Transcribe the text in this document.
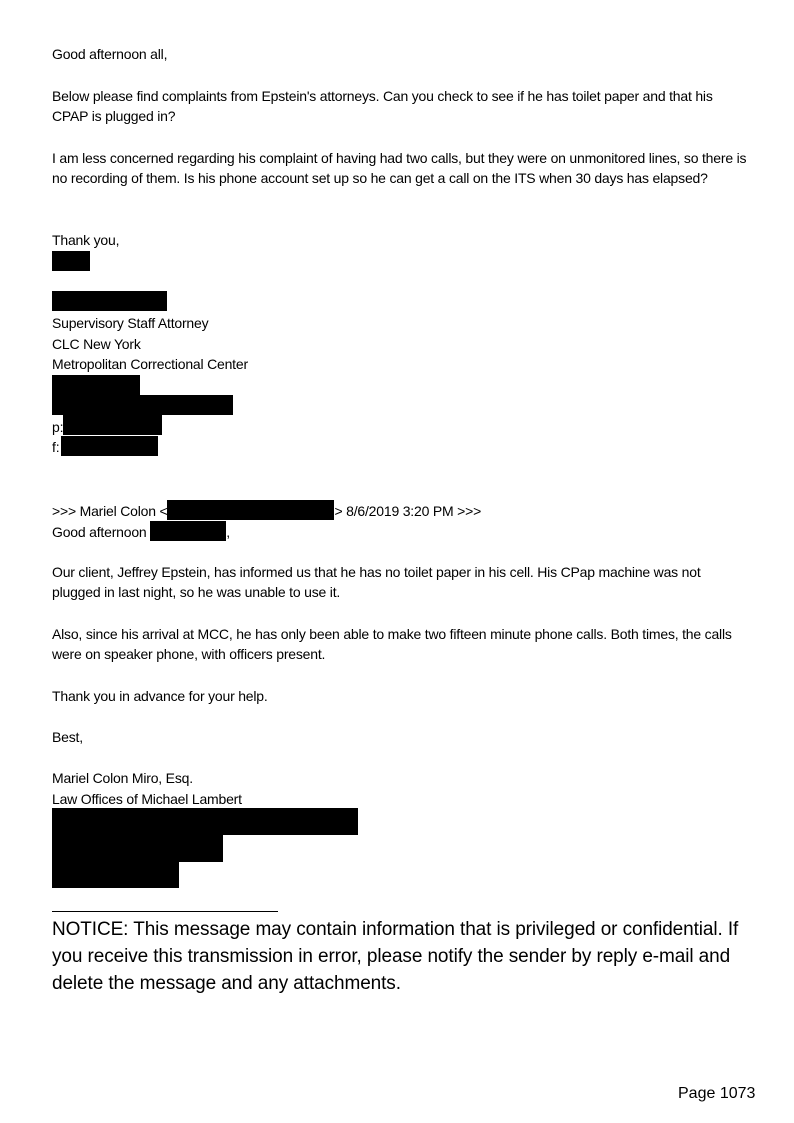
Good afternoon all,
Below please find complaints from Epstein's attorneys. Can you check to see if he has toilet paper and that his CPAP is plugged in?
I am less concerned regarding his complaint of having had two calls, but they were on unmonitored lines, so there is no recording of them. Is his phone account set up so he can get a call on the ITS when 30 days has elapsed?
Thank you,
Supervisory Staff Attorney
CLC New York
Metropolitan Correctional Center
p:
f:
>>> Mariel Colon <	> 8/6/2019 3:20 PM >>>
Good afternoon	,
Our client, Jeffrey Epstein, has informed us that he has no toilet paper in his cell. His CPap machine was not plugged in last night, so he was unable to use it.
Also, since his arrival at MCC, he has only been able to make two fifteen minute phone calls. Both times, the calls were on speaker phone, with officers present.
Thank you in advance for your help.
Best,
Mariel Colon Miro, Esq.
Law Offices of Michael Lambert
NOTICE: This message may contain information that is privileged or confidential. If you receive this transmission in error, please notify the sender by reply e-mail and delete the message and any attachments.
Page 1073
